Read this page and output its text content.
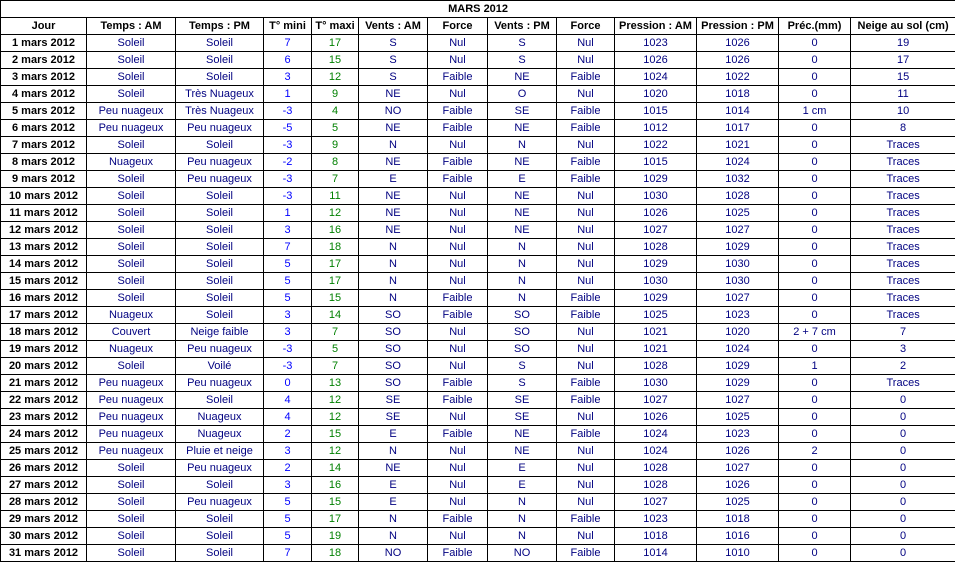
MARS 2012												
Jour	Temps : AM	Temps : PM	T° mini	T° maxi	Vents : AM	Force	Vents : PM	Force	Pression : AM	Pression : PM	Préc.(mm)	Neige au sol (cm)
1 mars 2012	Soleil	Soleil	7	17	S	Nul	S	Nul	1023	1026	0	19
2 mars 2012	Soleil	Soleil	6	15	S	Nul	S	Nul	1026	1026	0	17
3 mars 2012	Soleil	Soleil	3	12	S	Faible	NE	Faible	1024	1022	0	15
4 mars 2012	Soleil	Très Nuageux	1	9	NE	Nul	O	Nul	1020	1018	0	11
5 mars 2012	Peu nuageux	Très Nuageux	-3	4	NO	Faible	SE	Faible	1015	1014	1 cm	10
6 mars 2012	Peu nuageux	Peu nuageux	-5	5	NE	Faible	NE	Faible	1012	1017	0	8
7 mars 2012	Soleil	Soleil	-3	9	N	Nul	N	Nul	1022	1021	0	Traces
8 mars 2012	Nuageux	Peu nuageux	-2	8	NE	Faible	NE	Faible	1015	1024	0	Traces
9 mars 2012	Soleil	Peu nuageux	-3	7	E	Faible	E	Faible	1029	1032	0	Traces
10 mars 2012	Soleil	Soleil	-3	11	NE	Nul	NE	Nul	1030	1028	0	Traces
11 mars 2012	Soleil	Soleil	1	12	NE	Nul	NE	Nul	1026	1025	0	Traces
12 mars 2012	Soleil	Soleil	3	16	NE	Nul	NE	Nul	1027	1027	0	Traces
13 mars 2012	Soleil	Soleil	7	18	N	Nul	N	Nul	1028	1029	0	Traces
14 mars 2012	Soleil	Soleil	5	17	N	Nul	N	Nul	1029	1030	0	Traces
15 mars 2012	Soleil	Soleil	5	17	N	Nul	N	Nul	1030	1030	0	Traces
16 mars 2012	Soleil	Soleil	5	15	N	Faible	N	Faible	1029	1027	0	Traces
17 mars 2012	Nuageux	Soleil	3	14	SO	Faible	SO	Faible	1025	1023	0	Traces
18 mars 2012	Couvert	Neige faible	3	7	SO	Nul	SO	Nul	1021	1020	2 + 7 cm	7
19 mars 2012	Nuageux	Peu nuageux	-3	5	SO	Nul	SO	Nul	1021	1024	0	3
20 mars 2012	Soleil	Voilé	-3	7	SO	Nul	S	Nul	1028	1029	1	2
21 mars 2012	Peu nuageux	Peu nuageux	0	13	SO	Faible	S	Faible	1030	1029	0	Traces
22 mars 2012	Peu nuageux	Soleil	4	12	SE	Faible	SE	Faible	1027	1027	0	0
23 mars 2012	Peu nuageux	Nuageux	4	12	SE	Nul	SE	Nul	1026	1025	0	0
24 mars 2012	Peu nuageux	Nuageux	2	15	E	Faible	NE	Faible	1024	1023	0	0
25 mars 2012	Peu nuageux	Pluie et neige	3	12	N	Nul	NE	Nul	1024	1026	2	0
26 mars 2012	Soleil	Peu nuageux	2	14	NE	Nul	E	Nul	1028	1027	0	0
27 mars 2012	Soleil	Soleil	3	16	E	Nul	E	Nul	1028	1026	0	0
28 mars 2012	Soleil	Peu nuageux	5	15	E	Nul	N	Nul	1027	1025	0	0
29 mars 2012	Soleil	Soleil	5	17	N	Faible	N	Faible	1023	1018	0	0
30 mars 2012	Soleil	Soleil	5	19	N	Nul	N	Nul	1018	1016	0	0
31 mars 2012	Soleil	Soleil	7	18	NO	Faible	NO	Faible	1014	1010	0	0
